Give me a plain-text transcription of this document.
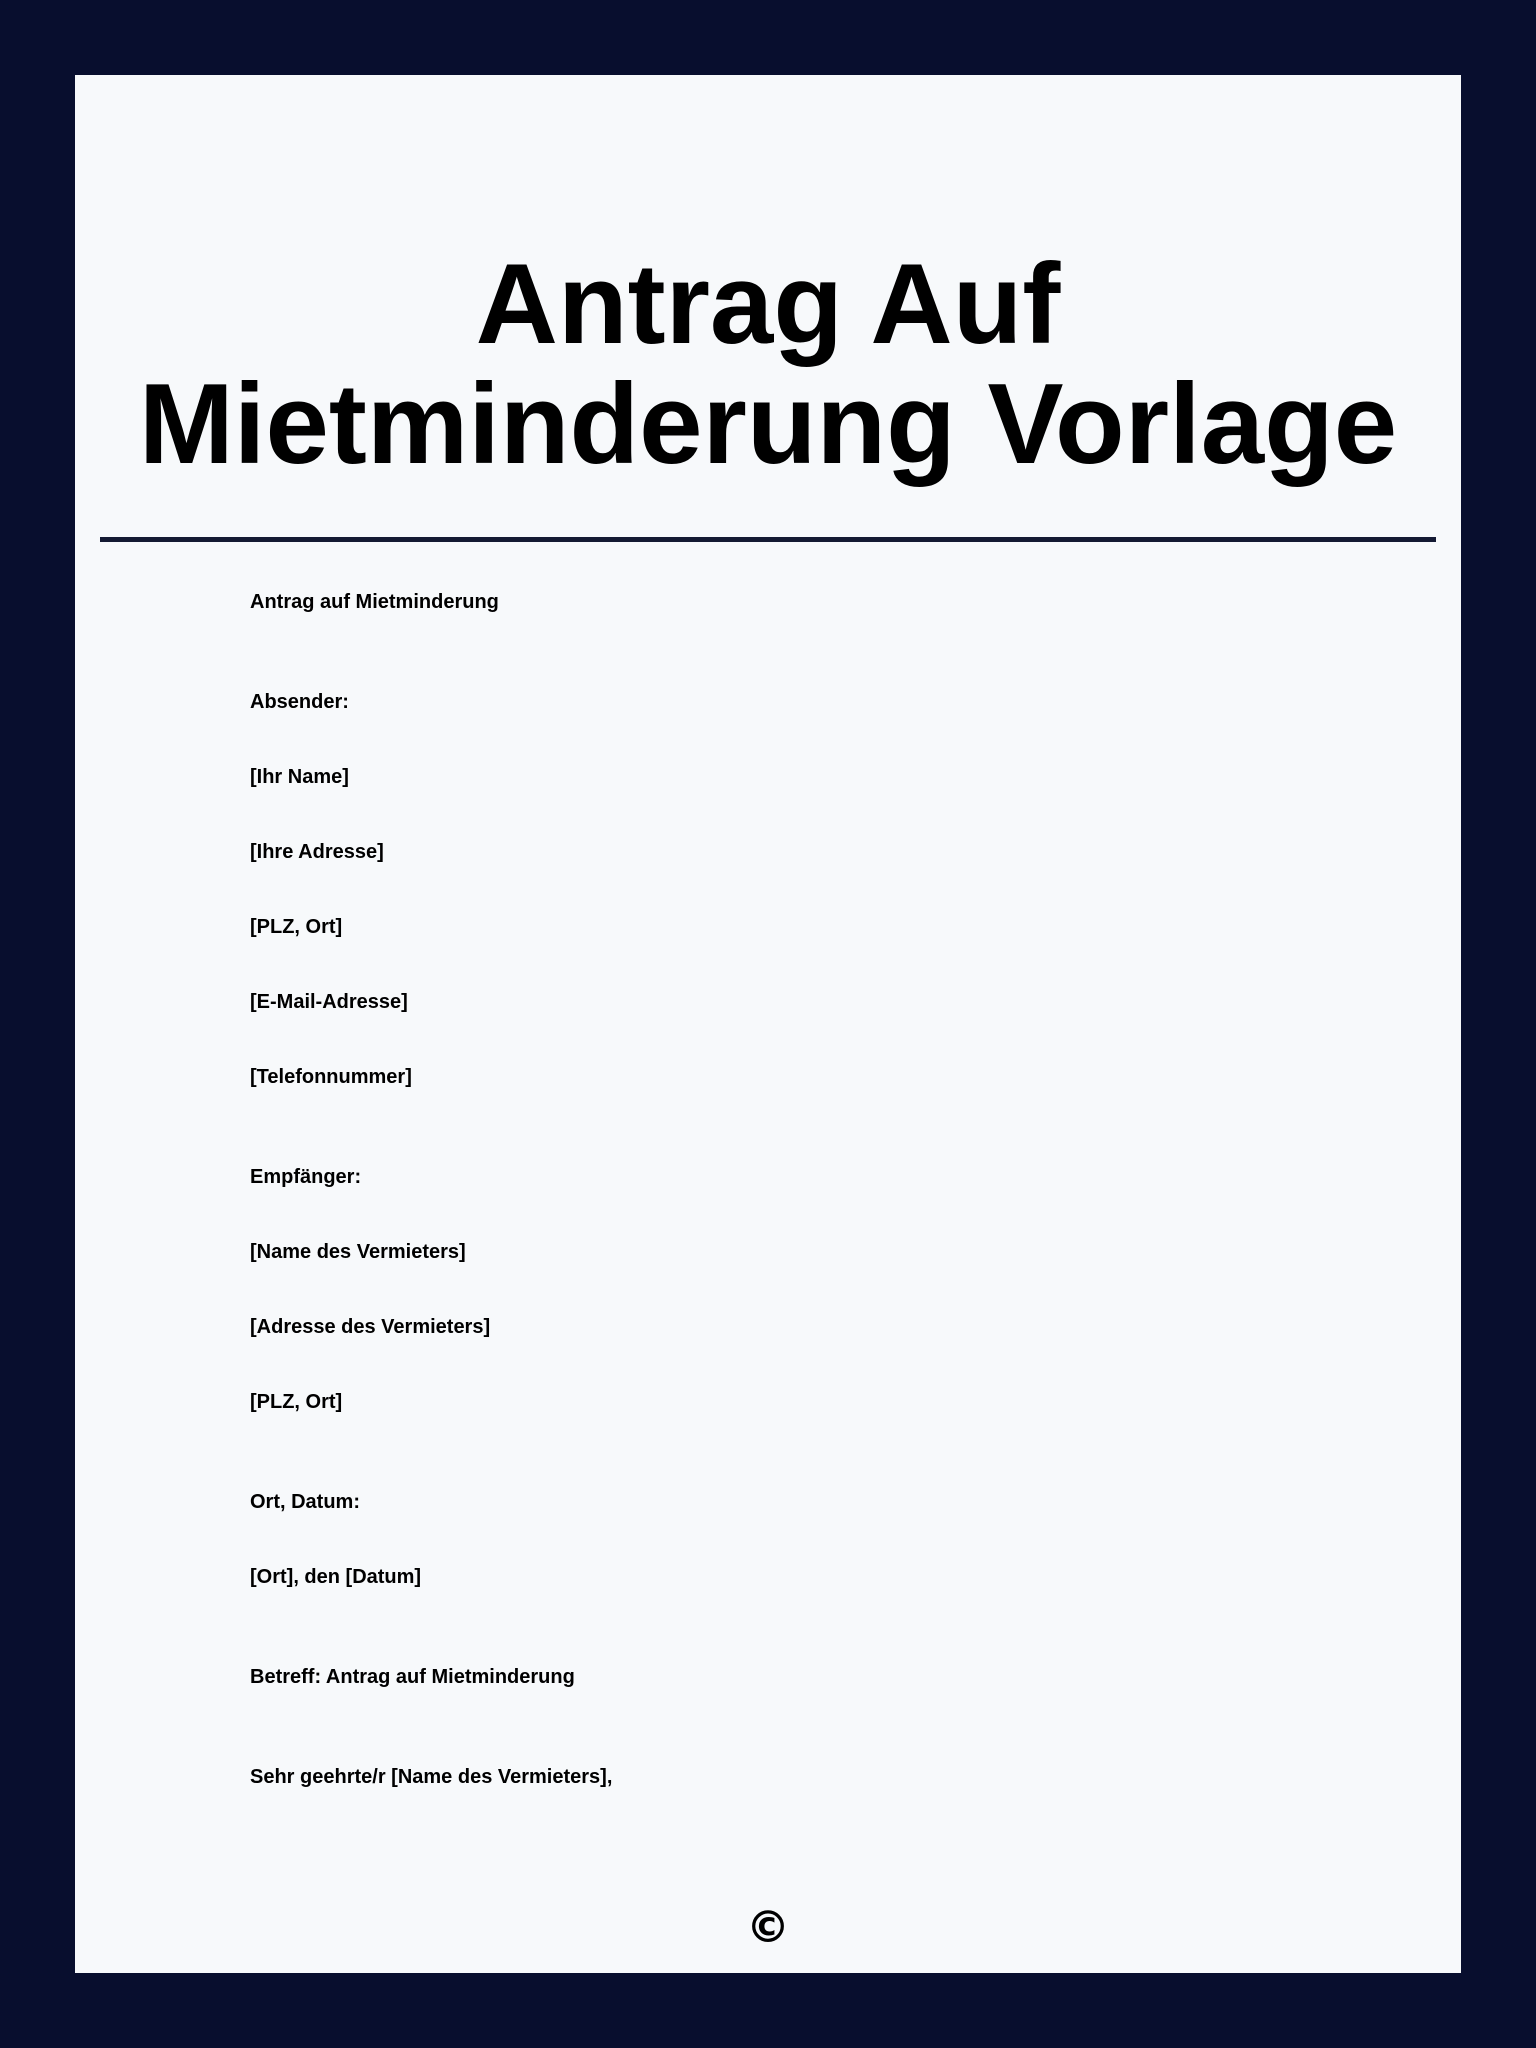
Antrag Auf Mietminderung Vorlage
Antrag auf Mietminderung
Absender:
[Ihr Name]
[Ihre Adresse]
[PLZ, Ort]
[E-Mail-Adresse]
[Telefonnummer]
Empfänger:
[Name des Vermieters]
[Adresse des Vermieters]
[PLZ, Ort]
Ort, Datum:
[Ort], den [Datum]
Betreff: Antrag auf Mietminderung
Sehr geehrte/r [Name des Vermieters],
©
